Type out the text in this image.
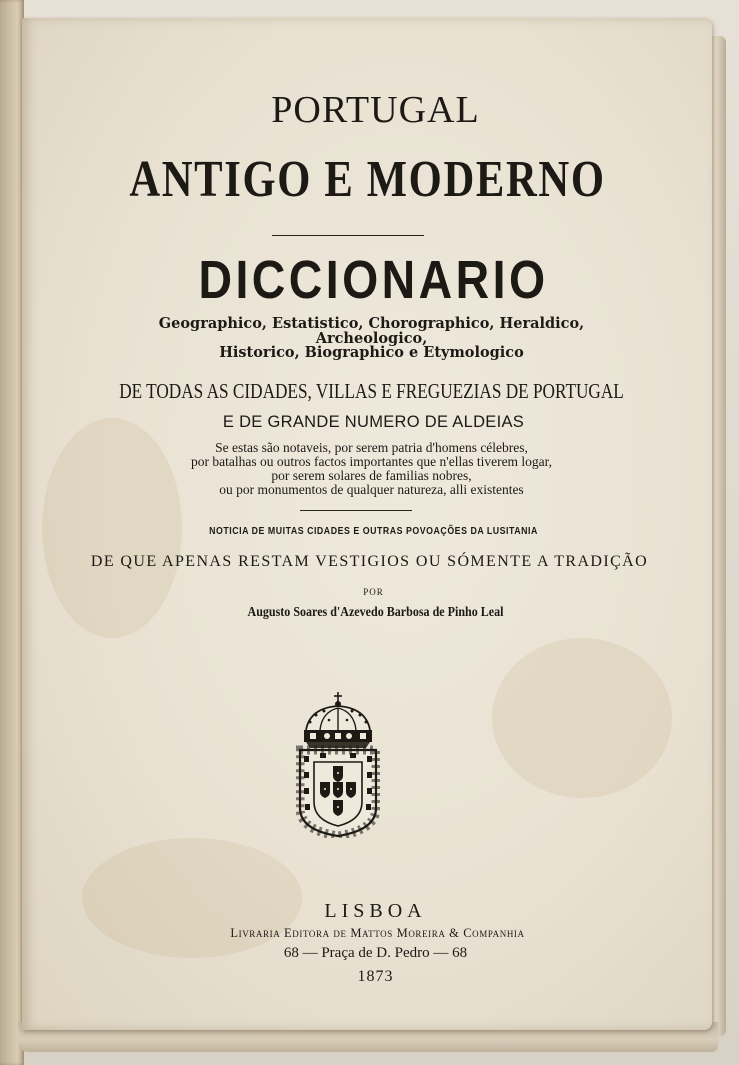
PORTUGAL
ANTIGO E MODERNO
DICCIONARIO
Geographico, Estatistico, Chorographico, Heraldico,
Archeologico,
Historico, Biographico e Etymologico
DE TODAS AS CIDADES, VILLAS E FREGUEZIAS DE PORTUGAL
E DE GRANDE NUMERO DE ALDEIAS
Se estas são notaveis, por serem patria d'homens célebres,
por batalhas ou outros factos importantes que n'ellas tiverem logar,
por serem solares de familias nobres,
ou por monumentos de qualquer natureza, alli existentes
NOTICIA DE MUITAS CIDADES E OUTRAS POVOAÇÕES DA LUSITANIA
DE QUE APENAS RESTAM VESTIGIOS OU SÓMENTE A TRADIÇÃO
POR
Augusto Soares d'Azevedo Barbosa de Pinho Leal
LISBOA
Livraria Editora de Mattos Moreira & Companhia
68 — Praça de D. Pedro — 68
1873
